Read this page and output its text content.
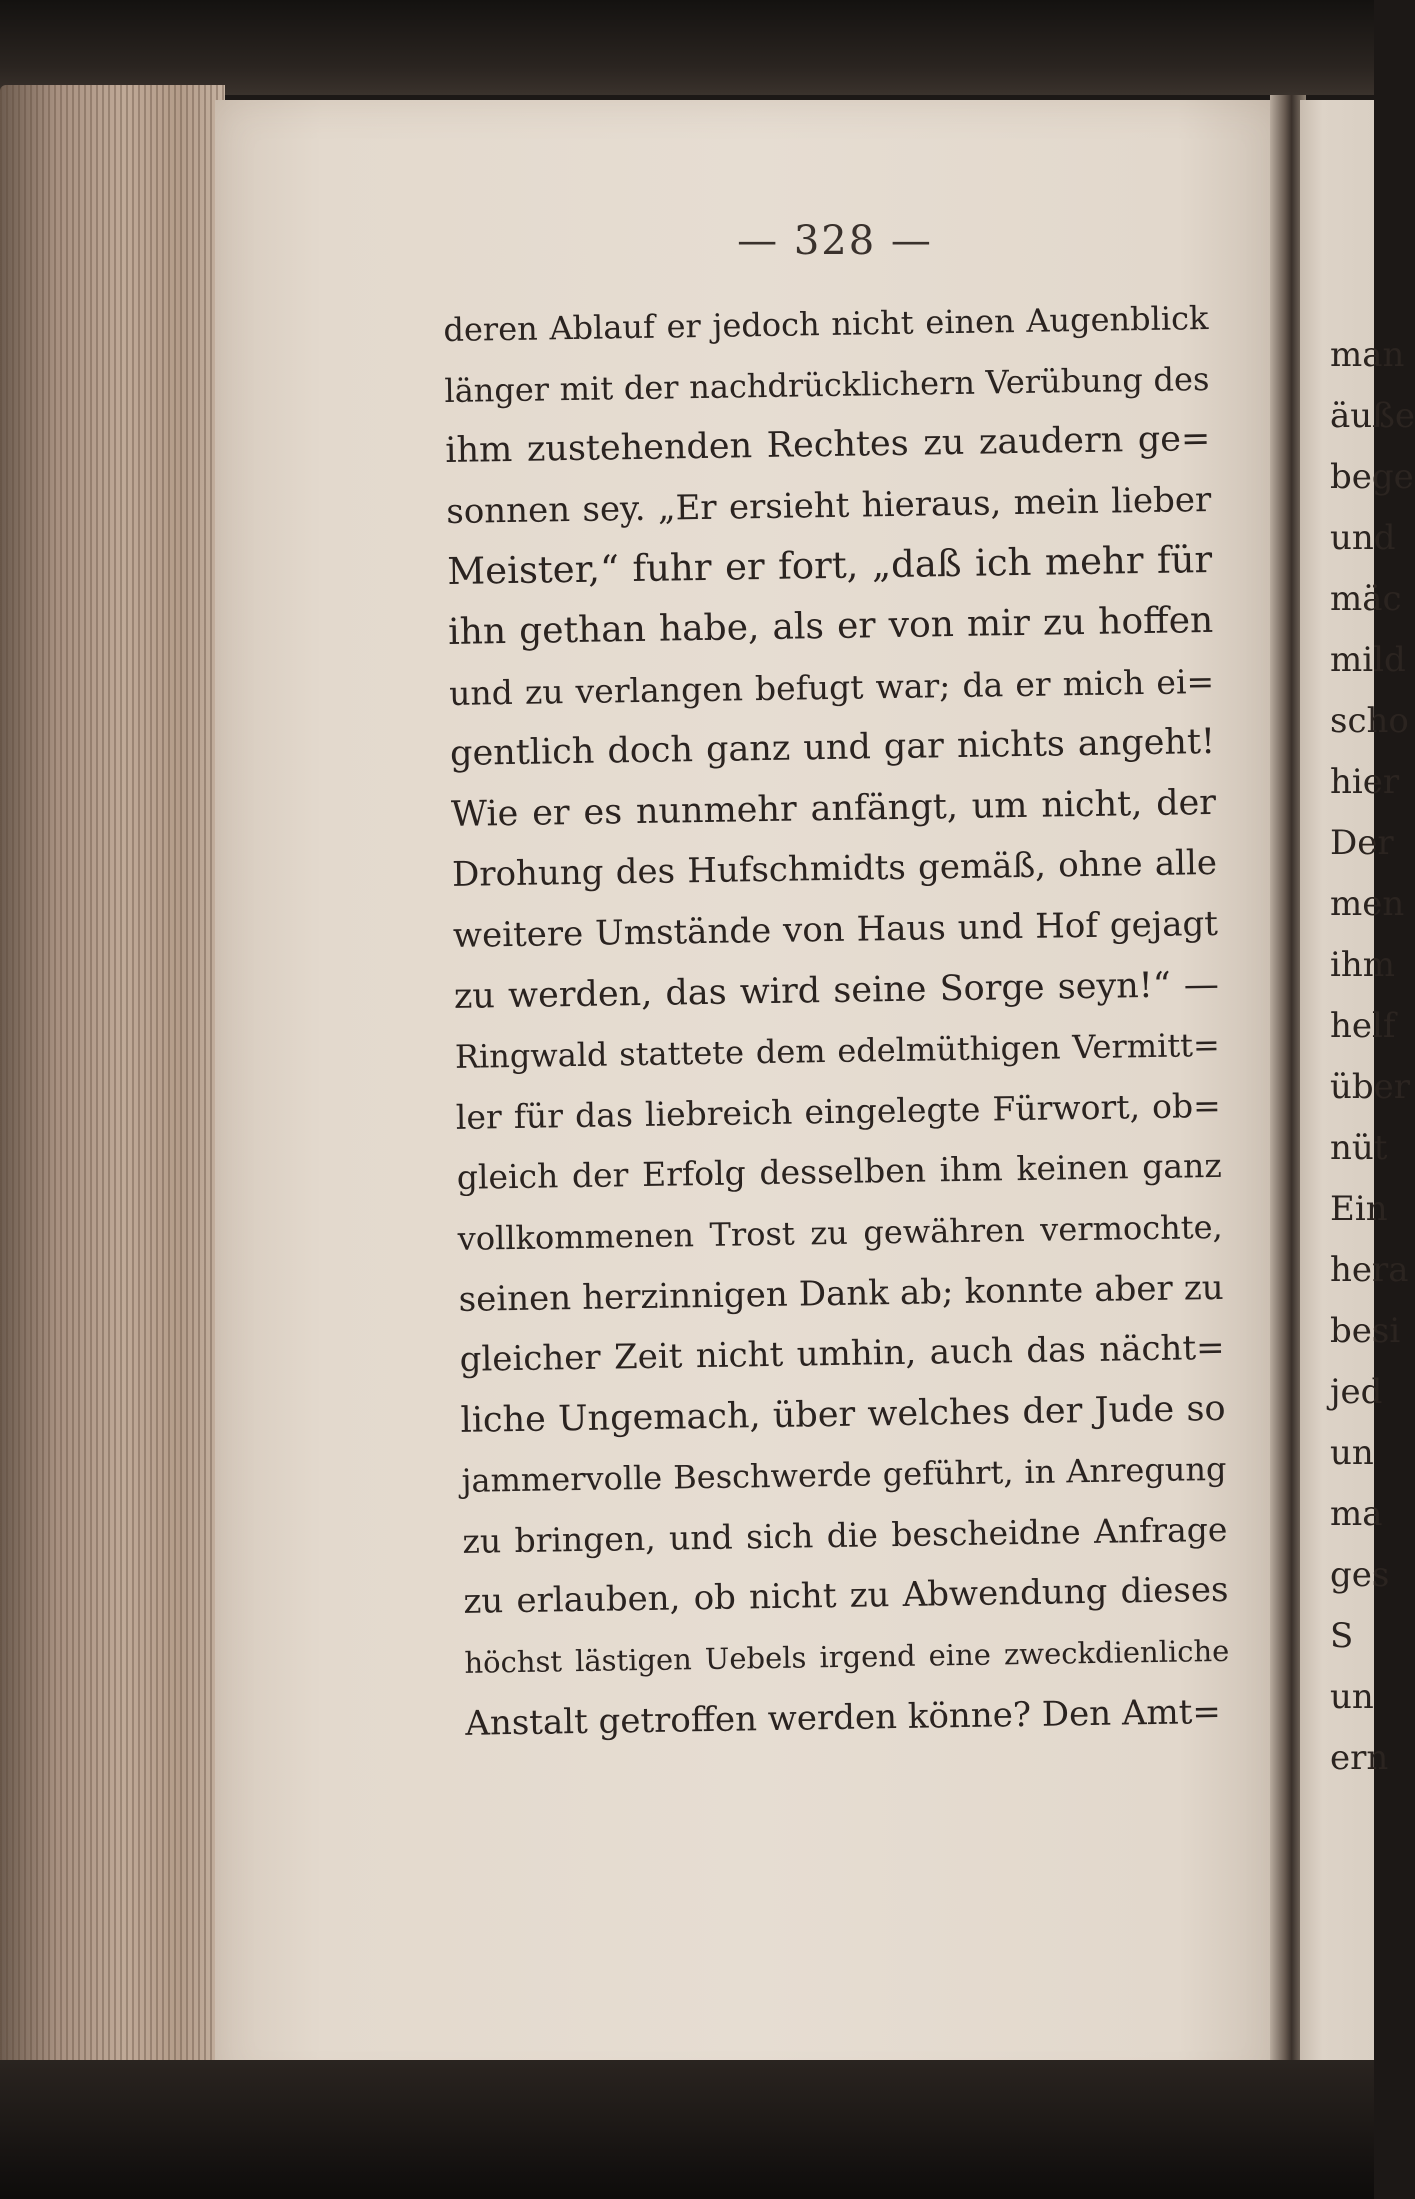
man
äuße
bege
und
mäc
mild
scho
hier
Der
men
ihm
helf
über
nüt
Ein
hera
besi
jed
un
ma
ges
S
un
ern
— 328 —
deren Ablauf er jedoch nicht einen Augenblick
länger mit der nachdrücklichern Verübung des
ihm zustehenden Rechtes zu zaudern ge=
sonnen sey. „Er ersieht hieraus, mein lieber
Meister,“ fuhr er fort, „daß ich mehr für
ihn gethan habe, als er von mir zu hoffen
und zu verlangen befugt war; da er mich ei=
gentlich doch ganz und gar nichts angeht!
Wie er es nunmehr anfängt, um nicht, der
Drohung des Hufschmidts gemäß, ohne alle
weitere Umstände von Haus und Hof gejagt
zu werden, das wird seine Sorge seyn!“ —
Ringwald stattete dem edelmüthigen Vermitt=
ler für das liebreich eingelegte Fürwort, ob=
gleich der Erfolg desselben ihm keinen ganz
vollkommenen Trost zu gewähren vermochte,
seinen herzinnigen Dank ab; konnte aber zu
gleicher Zeit nicht umhin, auch das nächt=
liche Ungemach, über welches der Jude so
jammervolle Beschwerde geführt, in Anregung
zu bringen, und sich die bescheidne Anfrage
zu erlauben, ob nicht zu Abwendung dieses
höchst lästigen Uebels irgend eine zweckdienliche
Anstalt getroffen werden könne? Den Amt=
